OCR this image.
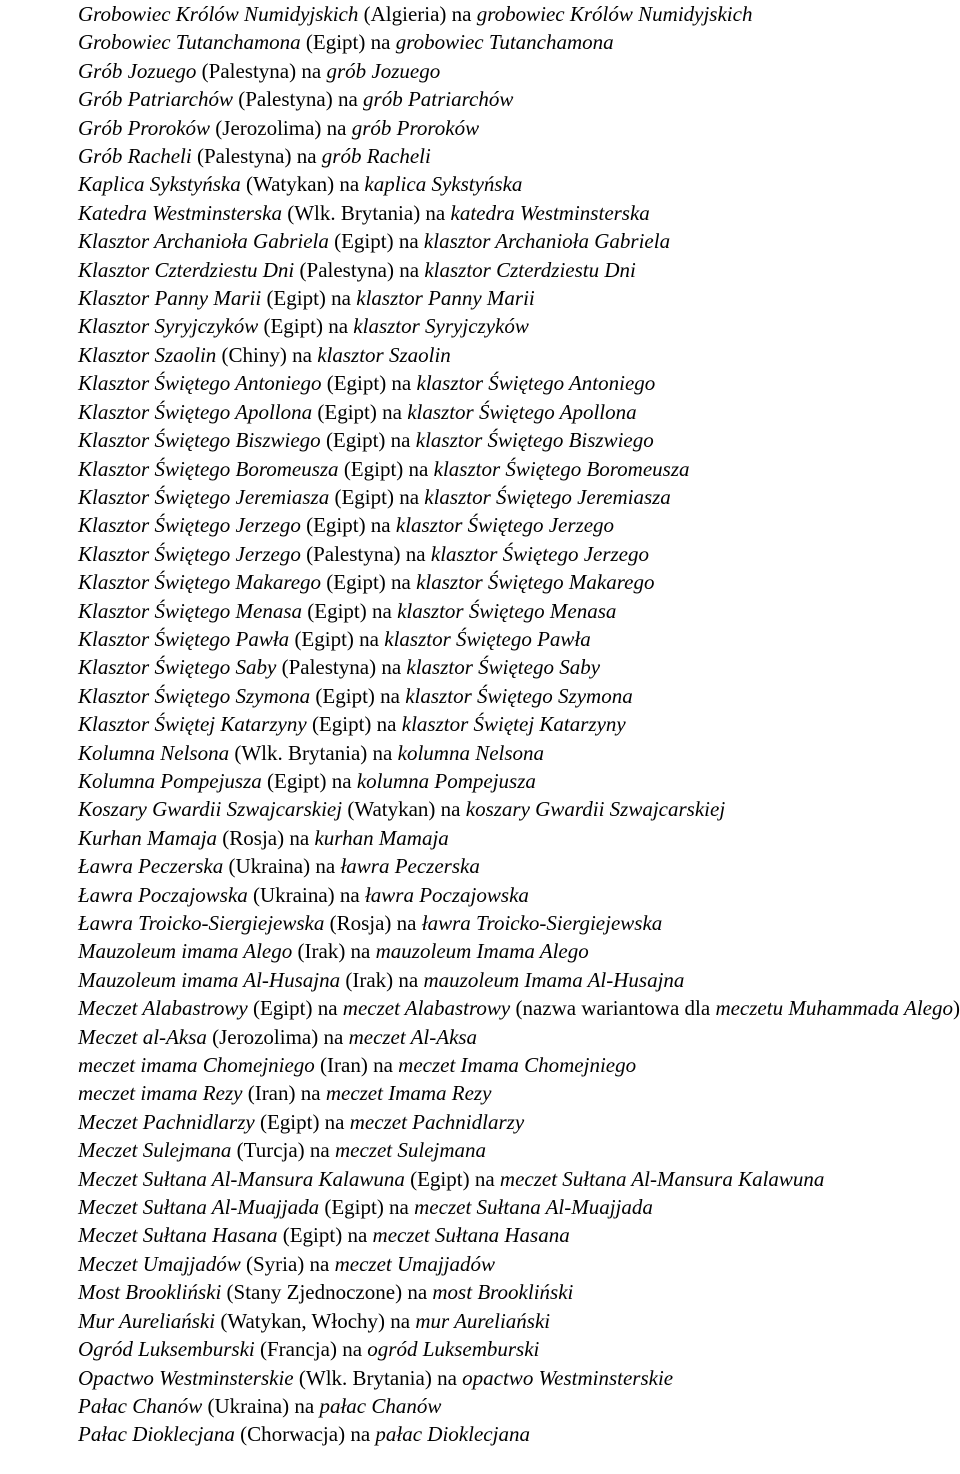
Grobowiec Królów Numidyjskich (Algieria) na grobowiec Królów Numidyjskich

Grobowiec Tutanchamona (Egipt) na grobowiec Tutanchamona

Grób Jozuego (Palestyna) na grób Jozuego

Grób Patriarchów (Palestyna) na grób Patriarchów

Grób Proroków (Jerozolima) na grób Proroków

Grób Racheli (Palestyna) na grób Racheli

Kaplica Sykstyńska (Watykan) na kaplica Sykstyńska

Katedra Westminsterska (Wlk. Brytania) na katedra Westminsterska

Klasztor Archanioła Gabriela (Egipt) na klasztor Archanioła Gabriela

Klasztor Czterdziestu Dni (Palestyna) na klasztor Czterdziestu Dni

Klasztor Panny Marii (Egipt) na klasztor Panny Marii

Klasztor Syryjczyków (Egipt) na klasztor Syryjczyków

Klasztor Szaolin (Chiny) na klasztor Szaolin

Klasztor Świętego Antoniego (Egipt) na klasztor Świętego Antoniego

Klasztor Świętego Apollona (Egipt) na klasztor Świętego Apollona

Klasztor Świętego Biszwiego (Egipt) na klasztor Świętego Biszwiego

Klasztor Świętego Boromeusza (Egipt) na klasztor Świętego Boromeusza

Klasztor Świętego Jeremiasza (Egipt) na klasztor Świętego Jeremiasza

Klasztor Świętego Jerzego (Egipt) na klasztor Świętego Jerzego

Klasztor Świętego Jerzego (Palestyna) na klasztor Świętego Jerzego

Klasztor Świętego Makarego (Egipt) na klasztor Świętego Makarego

Klasztor Świętego Menasa (Egipt) na klasztor Świętego Menasa

Klasztor Świętego Pawła (Egipt) na klasztor Świętego Pawła

Klasztor Świętego Saby (Palestyna) na klasztor Świętego Saby

Klasztor Świętego Szymona (Egipt) na klasztor Świętego Szymona

Klasztor Świętej Katarzyny (Egipt) na klasztor Świętej Katarzyny

Kolumna Nelsona (Wlk. Brytania) na kolumna Nelsona

Kolumna Pompejusza (Egipt) na kolumna Pompejusza

Koszary Gwardii Szwajcarskiej (Watykan) na koszary Gwardii Szwajcarskiej

Kurhan Mamaja (Rosja) na kurhan Mamaja

Ławra Peczerska (Ukraina) na ławra Peczerska

Ławra Poczajowska (Ukraina) na ławra Poczajowska

Ławra Troicko-Siergiejewska (Rosja) na ławra Troicko-Siergiejewska

Mauzoleum imama Alego (Irak) na mauzoleum Imama Alego

Mauzoleum imama Al-Husajna (Irak) na mauzoleum Imama Al-Husajna

Meczet Alabastrowy (Egipt) na meczet Alabastrowy (nazwa wariantowa dla meczetu Muhammada Alego)

Meczet al-Aksa (Jerozolima) na meczet Al-Aksa

meczet imama Chomejniego (Iran) na meczet Imama Chomejniego

meczet imama Rezy (Iran) na meczet Imama Rezy

Meczet Pachnidlarzy (Egipt) na meczet Pachnidlarzy

Meczet Sulejmana (Turcja) na meczet Sulejmana

Meczet Sułtana Al-Mansura Kalawuna (Egipt) na meczet Sułtana Al-Mansura Kalawuna

Meczet Sułtana Al-Muajjada (Egipt) na meczet Sułtana Al-Muajjada

Meczet Sułtana Hasana (Egipt) na meczet Sułtana Hasana

Meczet Umajjadów (Syria) na meczet Umajjadów

Most Brookliński (Stany Zjednoczone) na most Brookliński

Mur Aureliański (Watykan, Włochy) na mur Aureliański

Ogród Luksemburski (Francja) na ogród Luksemburski

Opactwo Westminsterskie (Wlk. Brytania) na opactwo Westminsterskie

Pałac Chanów (Ukraina) na pałac Chanów

Pałac Dioklecjana (Chorwacja) na pałac Dioklecjana
